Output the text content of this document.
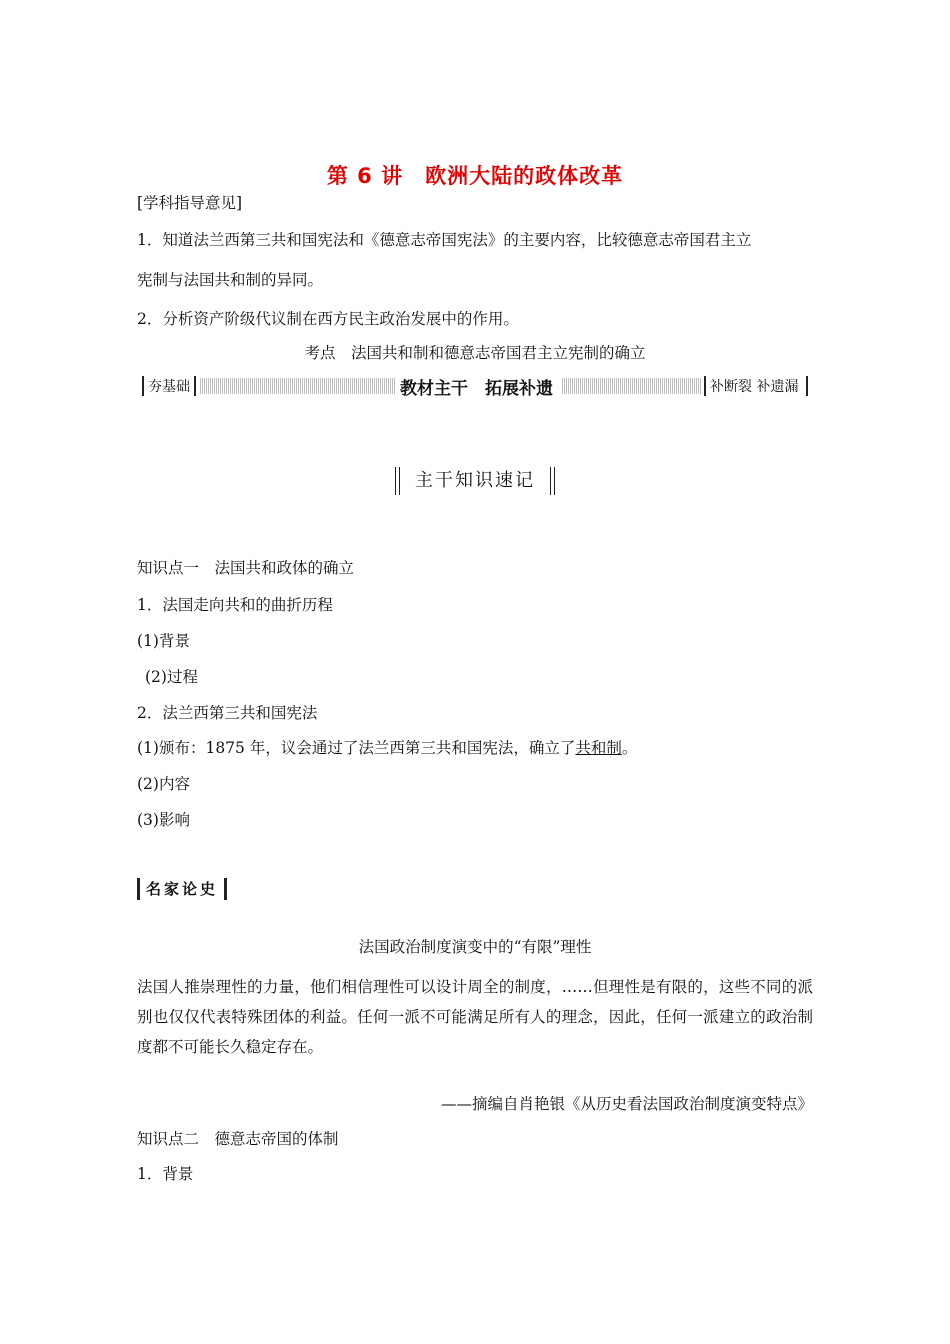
第 6 讲　欧洲大陆的政体改革
[学科指导意见]
1．知道法兰西第三共和国宪法和《德意志帝国宪法》的主要内容，比较德意志帝国君主立
宪制与法国共和制的异同。
2．分析资产阶级代议制在西方民主政治发展中的作用。
考点　法国共和制和德意志帝国君主立宪制的确立
夯基础	教材主干　拓展补遗	补断裂 补遗漏
主干知识速记
知识点一　法国共和政体的确立
1．法国走向共和的曲折历程
(1)背景
(2)过程
2．法兰西第三共和国宪法
(1)颁布：1875 年，议会通过了法兰西第三共和国宪法，确立了共和制。
(2)内容
(3)影响
名家论史
法国政治制度演变中的“有限”理性
法国人推崇理性的力量，他们相信理性可以设计周全的制度，……但理性是有限的，这些不同的派别也仅仅代表特殊团体的利益。任何一派不可能满足所有人的理念，因此，任何一派建立的政治制度都不可能长久稳定存在。
——摘编自肖艳银《从历史看法国政治制度演变特点》
知识点二　德意志帝国的体制
1．背景
